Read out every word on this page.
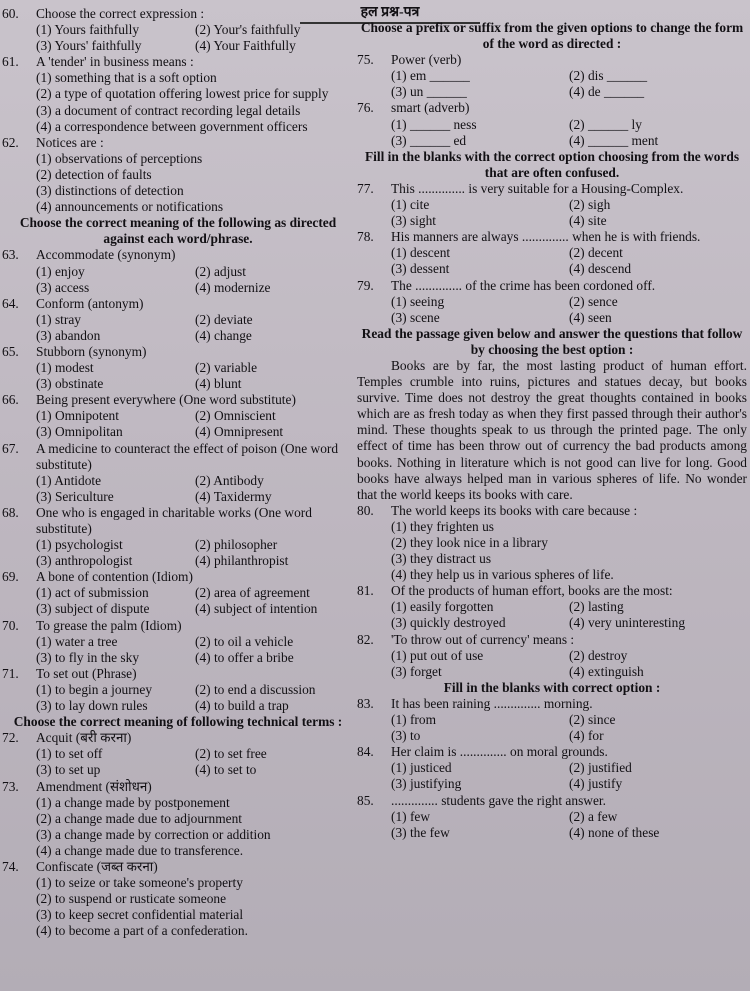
हल प्रश्न-पत्र
60.	Choose the correct expression :
(1) Yours faithfully	(2) Your's faithfully
(3) Yours' faithfully	(4) Your Faithfully
61.	A 'tender' in business means :
(1) something that is a soft option
(2) a type of quotation offering lowest price for supply
(3) a document of contract recording legal details
(4) a correspondence between government officers
62.	Notices are :
(1) observations of perceptions
(2) detection of faults
(3) distinctions of detection
(4) announcements or notifications
Choose the correct meaning of the following as directed against each word/phrase.
63.	Accommodate (synonym)
(1) enjoy	(2) adjust
(3) access	(4) modernize
64.	Conform (antonym)
(1) stray	(2) deviate
(3) abandon	(4) change
65.	Stubborn (synonym)
(1) modest	(2) variable
(3) obstinate	(4) blunt
66.	Being present everywhere (One word substitute)
(1) Omnipotent	(2) Omniscient
(3) Omnipolitan	(4) Omnipresent
67.	A medicine to counteract the effect of poison (One word substitute)
(1) Antidote	(2) Antibody
(3) Sericulture	(4) Taxidermy
68.	One who is engaged in charitable works (One word substitute)
(1) psychologist	(2) philosopher
(3) anthropologist	(4) philanthropist
69.	A bone of contention (Idiom)
(1) act of submission	(2) area of agreement
(3) subject of dispute	(4) subject of intention
70.	To grease the palm (Idiom)
(1) water a tree	(2) to oil a vehicle
(3) to fly in the sky	(4) to offer a bribe
71.	To set out (Phrase)
(1) to begin a journey	(2) to end a discussion
(3) to lay down rules	(4) to build a trap
Choose the correct meaning of following technical terms :
72.	Acquit (बरी करना)
(1) to set off	(2) to set free
(3) to set up	(4) to set to
73.	Amendment (संशोधन)
(1) a change made by postponement
(2) a change made due to adjournment
(3) a change made by correction or addition
(4) a change made due to transference.
74.	Confiscate (जब्त करना)
(1) to seize or take someone's property
(2) to suspend or rusticate someone
(3) to keep secret confidential material
(4) to become a part of a confederation.
Choose a prefix or suffix from the given options to change the form of the word as directed :
75.	Power (verb)
(1) em ______	(2) dis ______
(3) un ______	(4) de ______
76.	smart (adverb)
(1) ______ ness	(2) ______ ly
(3) ______ ed	(4) ______ ment
Fill in the blanks with the correct option choosing from the words that are often confused.
77.	This .............. is very suitable for a Housing-Complex.
(1) cite	(2) sigh
(3) sight	(4) site
78.	His manners are always .............. when he is with friends.
(1) descent	(2) decent
(3) dessent	(4) descend
79.	The .............. of the crime has been cordoned off.
(1) seeing	(2) sence
(3) scene	(4) seen
Read the passage given below and answer the questions that follow by choosing the best option :
Books are by far, the most lasting product of human effort. Temples crumble into ruins, pictures and statues decay, but books survive. Time does not destroy the great thoughts contained in books which are as fresh today as when they first passed through their author's mind. These thoughts speak to us through the printed page. The only effect of time has been throw out of currency the bad products among books. Nothing in literature which is not good can live for long. Good books have always helped man in various spheres of life. No wonder that the world keeps its books with care.
80.	The world keeps its books with care because :
(1) they frighten us
(2) they look nice in a library
(3) they distract us
(4) they help us in various spheres of life.
81.	Of the products of human effort, books are the most:
(1) easily forgotten	(2) lasting
(3) quickly destroyed	(4) very uninteresting
82.	'To throw out of currency' means :
(1) put out of use	(2) destroy
(3) forget	(4) extinguish
Fill in the blanks with correct option :
83.	It has been raining .............. morning.
(1) from	(2) since
(3) to	(4) for
84.	Her claim is .............. on moral grounds.
(1) justiced	(2) justified
(3) justifying	(4) justify
85.	.............. students gave the right answer.
(1) few	(2) a few
(3) the few	(4) none of these
